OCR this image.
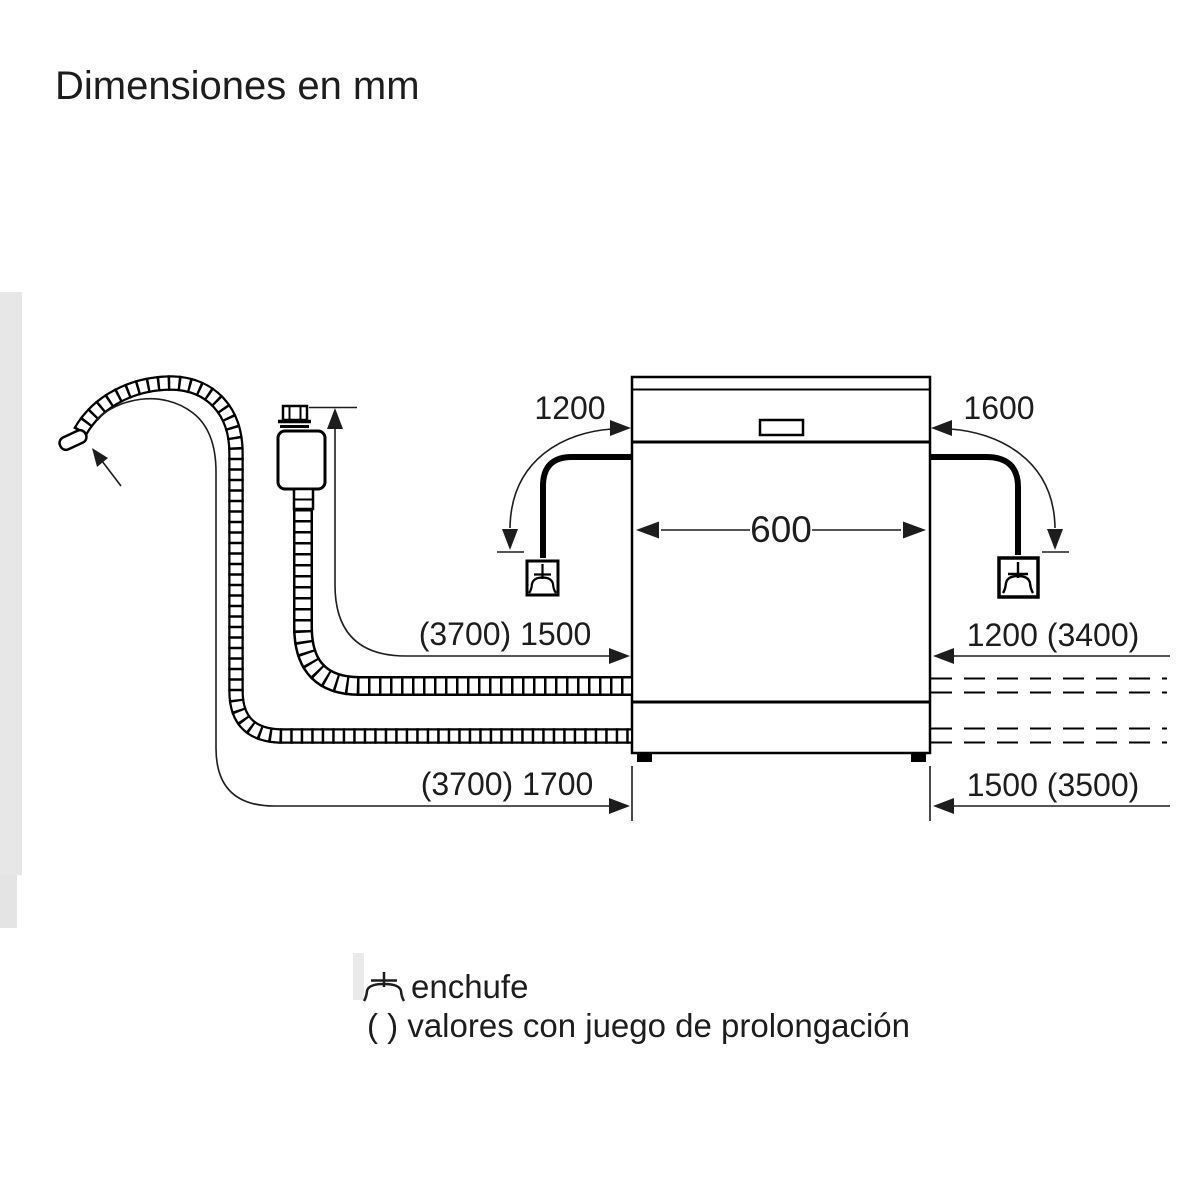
Dimensiones en mm
600
1200	1600
(3700) 1500
(3700) 1700
1200 (3400)
1500 (3500)
enchufe
( ) valores con juego de prolongación
